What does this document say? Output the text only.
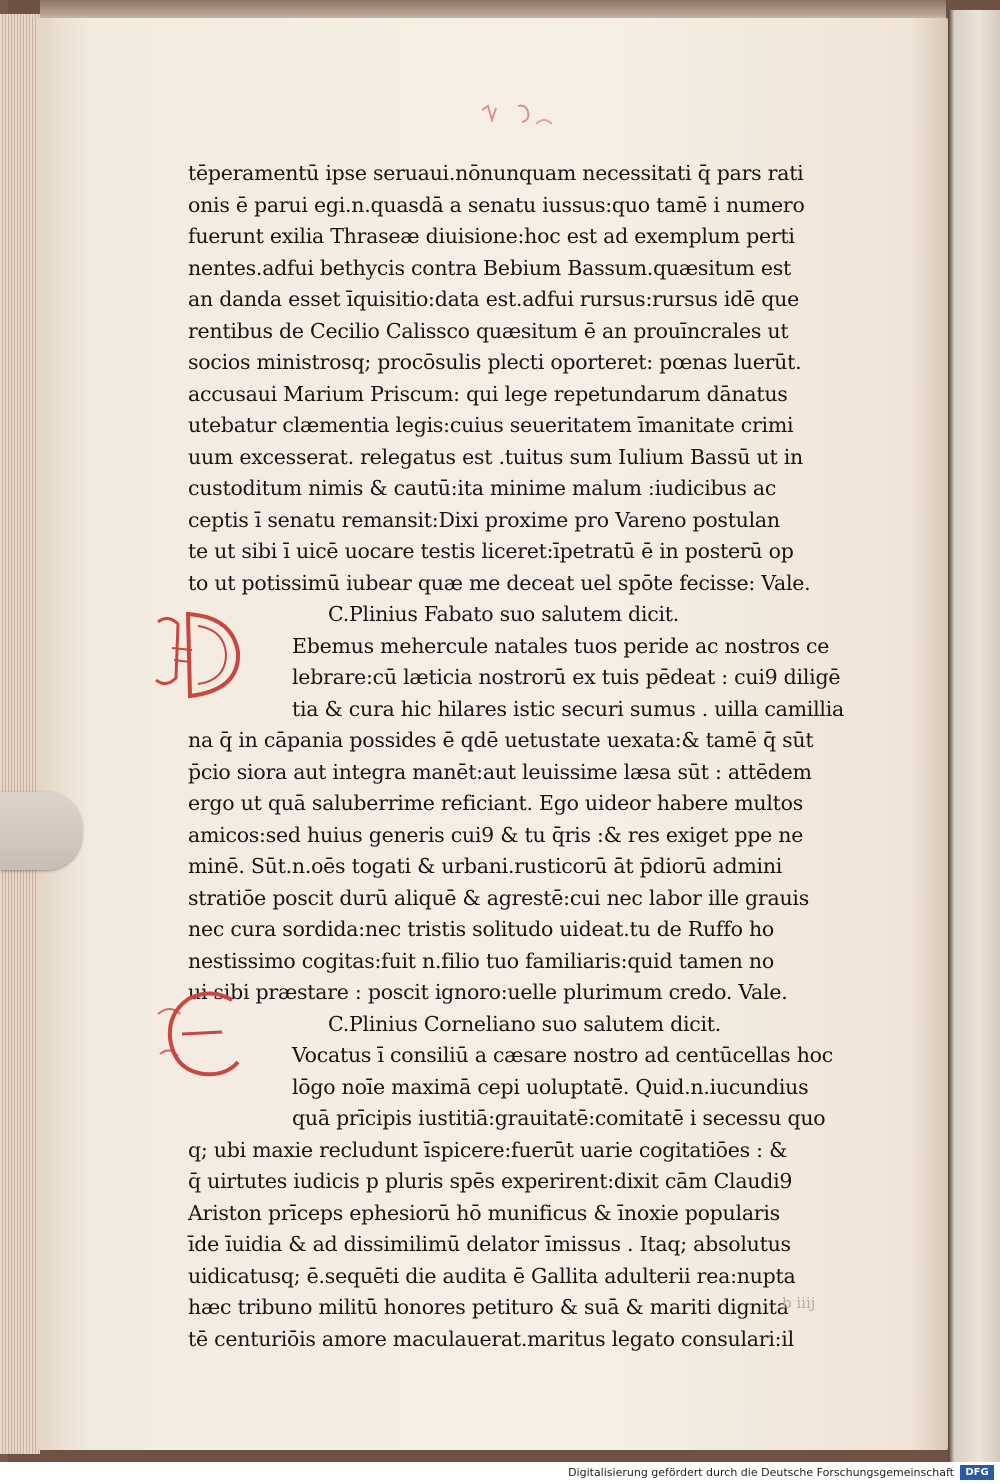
tēperamentū ipse seruaui.nōnunquam necessitati q̄ pars rati
onis ē parui egi.n.quasdā a senatu iussus:quo tamē i numero
fuerunt exilia Thraseæ diuisione:hoc est ad exemplum perti
nentes.adfui bethycis contra Bebium Bassum.quæsitum est
an danda esset īquisitio:data est.adfui rursus:rursus idē que
rentibus de Cecilio Calissco quæsitum ē an prouīncrales ut
socios ministrosq; procōsulis plecti oporteret: pœnas luerūt.
accusaui Marium Priscum: qui lege repetundarum dānatus
utebatur clæmentia legis:cuius seueritatem īmanitate crimi
uum excesserat. relegatus est .tuitus sum Iulium Bassū ut in
custoditum nimis & cautū:ita minime malum :iudicibus ac
ceptis ī senatu remansit:Dixi proxime pro Vareno postulan
te ut sibi ī uicē uocare testis liceret:īpetratū ē in posterū op
to ut potissimū iubear quæ me deceat uel spōte fecisse: Vale.
C.Plinius Fabato suo salutem dicit.
Ebemus mehercule natales tuos peride ac nostros ce
lebrare:cū læticia nostrorū ex tuis pēdeat : cui9 diligē
tia & cura hic hilares istic securi sumus . uilla camillia
na q̄ in cāpania possides ē qdē uetustate uexata:& tamē q̄ sūt
p̄cio siora aut integra manēt:aut leuissime læsa sūt : attēdem
ergo ut quā saluberrime reficiant. Ego uideor habere multos
amicos:sed huius generis cui9 & tu q̄ris :& res exiget ppe ne
minē. Sūt.n.oēs togati & urbani.rusticorū āt p̄diorū admini
stratiōe poscit durū aliquē & agrestē:cui nec labor ille grauis
nec cura sordida:nec tristis solitudo uideat.tu de Ruffo ho
nestissimo cogitas:fuit n.filio tuo familiaris:quid tamen no
ui sibi præstare : poscit ignoro:uelle plurimum credo. Vale.
C.Plinius Corneliano suo salutem dicit.
Vocatus ī consiliū a cæsare nostro ad centūcellas hoc
lōgo noīe maximā cepi uoluptatē. Quid.n.iucundius
quā prīcipis iustitiā:grauitatē:comitatē i secessu quo
q; ubi maxie recludunt īspicere:fuerūt uarie cogitatiōes : &
q̄ uirtutes iudicis p pluris spēs experirent:dixit cām Claudi9
Ariston prīceps ephesiorū hō munificus & īnoxie popularis
īde īuidia & ad dissimilimū delator īmissus . Itaq; absolutus
uidicatusq; ē.sequēti die audita ē Gallita adulterii rea:nupta
hæc tribuno militū honores petituro & suā & mariti dignita
tē centuriōis amore maculauerat.maritus legato consulari:il
b iiij
Digitalisierung gefördert durch die Deutsche Forschungsgemeinschaft	DFG
